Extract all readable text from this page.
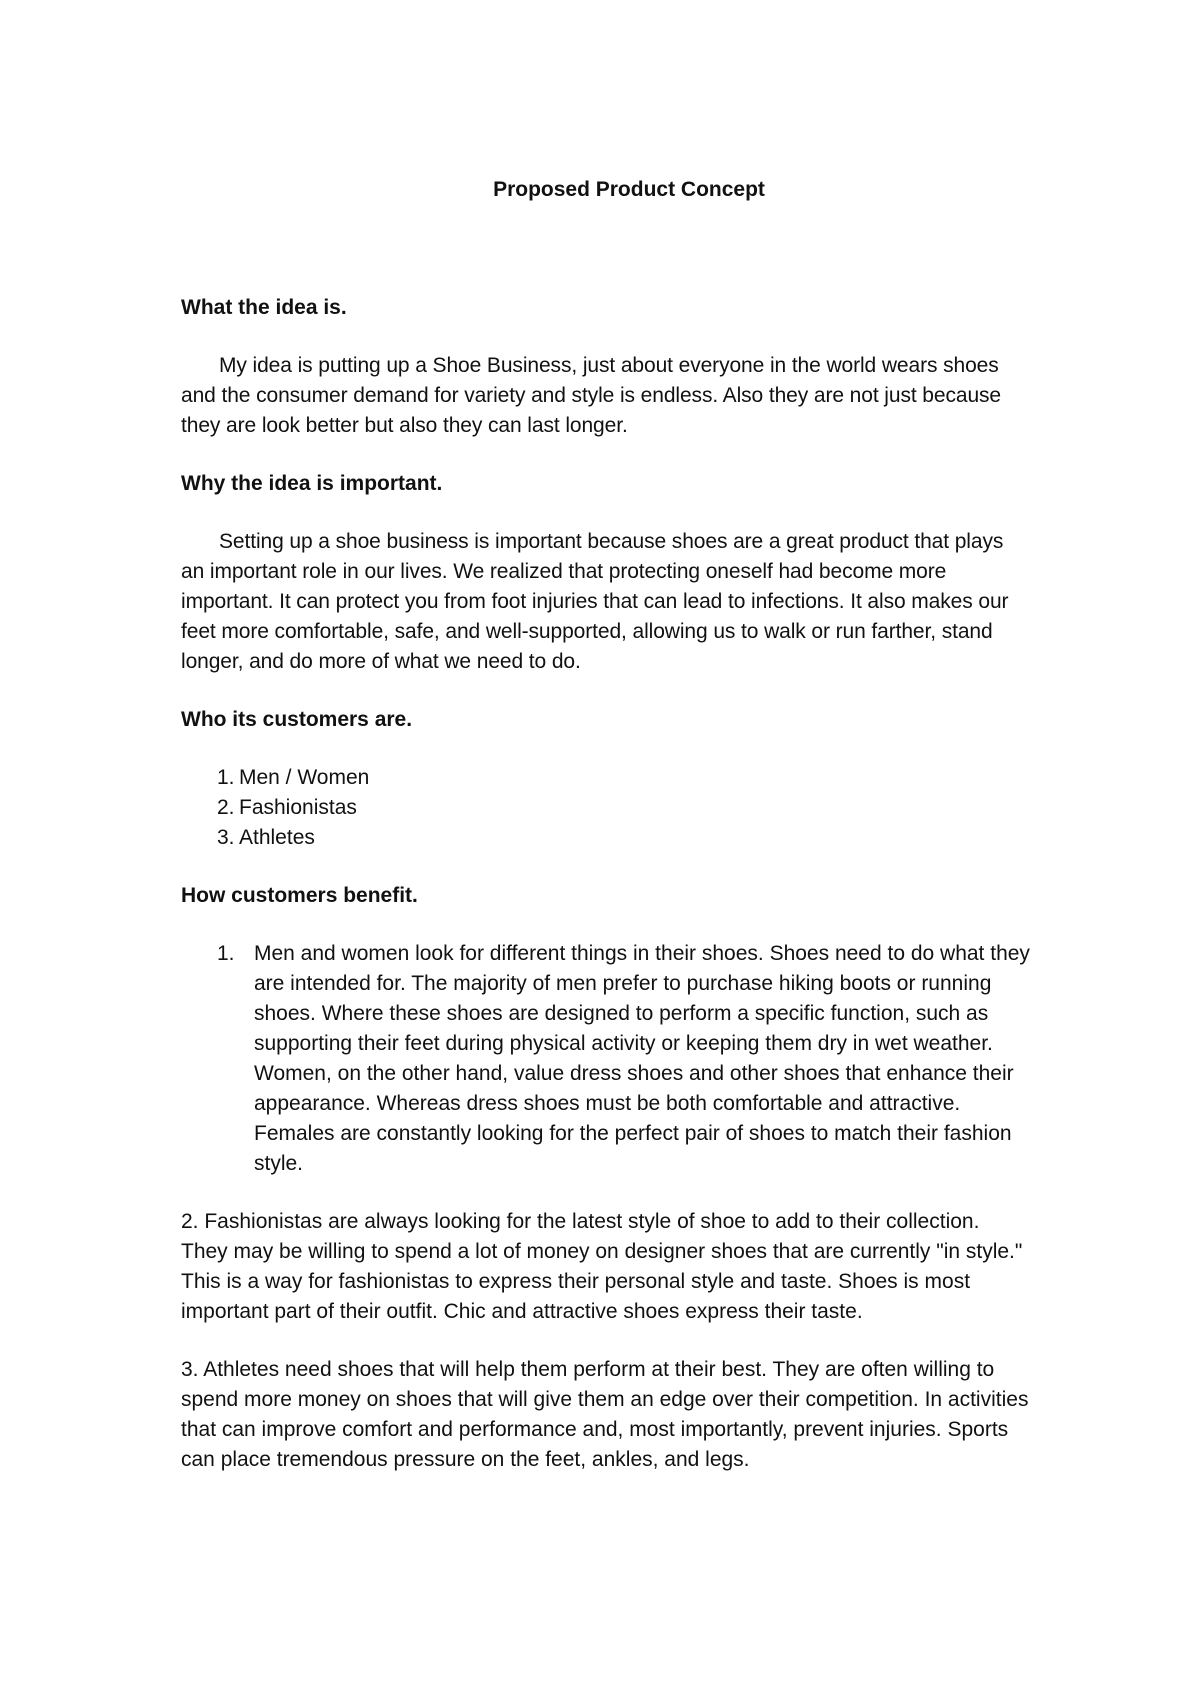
Proposed Product Concept
What the idea is.
My idea is putting up a Shoe Business, just about everyone in the world wears shoes and the consumer demand for variety and style is endless. Also they are not just because they are look better but also they can last longer.
Why the idea is important.
Setting up a shoe business is important because shoes are a great product that plays an important role in our lives. We realized that protecting oneself had become more important. It can protect you from foot injuries that can lead to infections. It also makes our feet more comfortable, safe, and well-supported, allowing us to walk or run farther, stand longer, and do more of what we need to do.
Who its customers are.
1. Men / Women
2. Fashionistas
3. Athletes
How customers benefit.
1. Men and women look for different things in their shoes. Shoes need to do what they are intended for. The majority of men prefer to purchase hiking boots or running shoes. Where these shoes are designed to perform a specific function, such as supporting their feet during physical activity or keeping them dry in wet weather. Women, on the other hand, value dress shoes and other shoes that enhance their appearance. Whereas dress shoes must be both comfortable and attractive. Females are constantly looking for the perfect pair of shoes to match their fashion style.
2. Fashionistas are always looking for the latest style of shoe to add to their collection. They may be willing to spend a lot of money on designer shoes that are currently "in style." This is a way for fashionistas to express their personal style and taste. Shoes is most important part of their outfit. Chic and attractive shoes express their taste.
3. Athletes need shoes that will help them perform at their best. They are often willing to spend more money on shoes that will give them an edge over their competition. In activities that can improve comfort and performance and, most importantly, prevent injuries. Sports can place tremendous pressure on the feet, ankles, and legs.
